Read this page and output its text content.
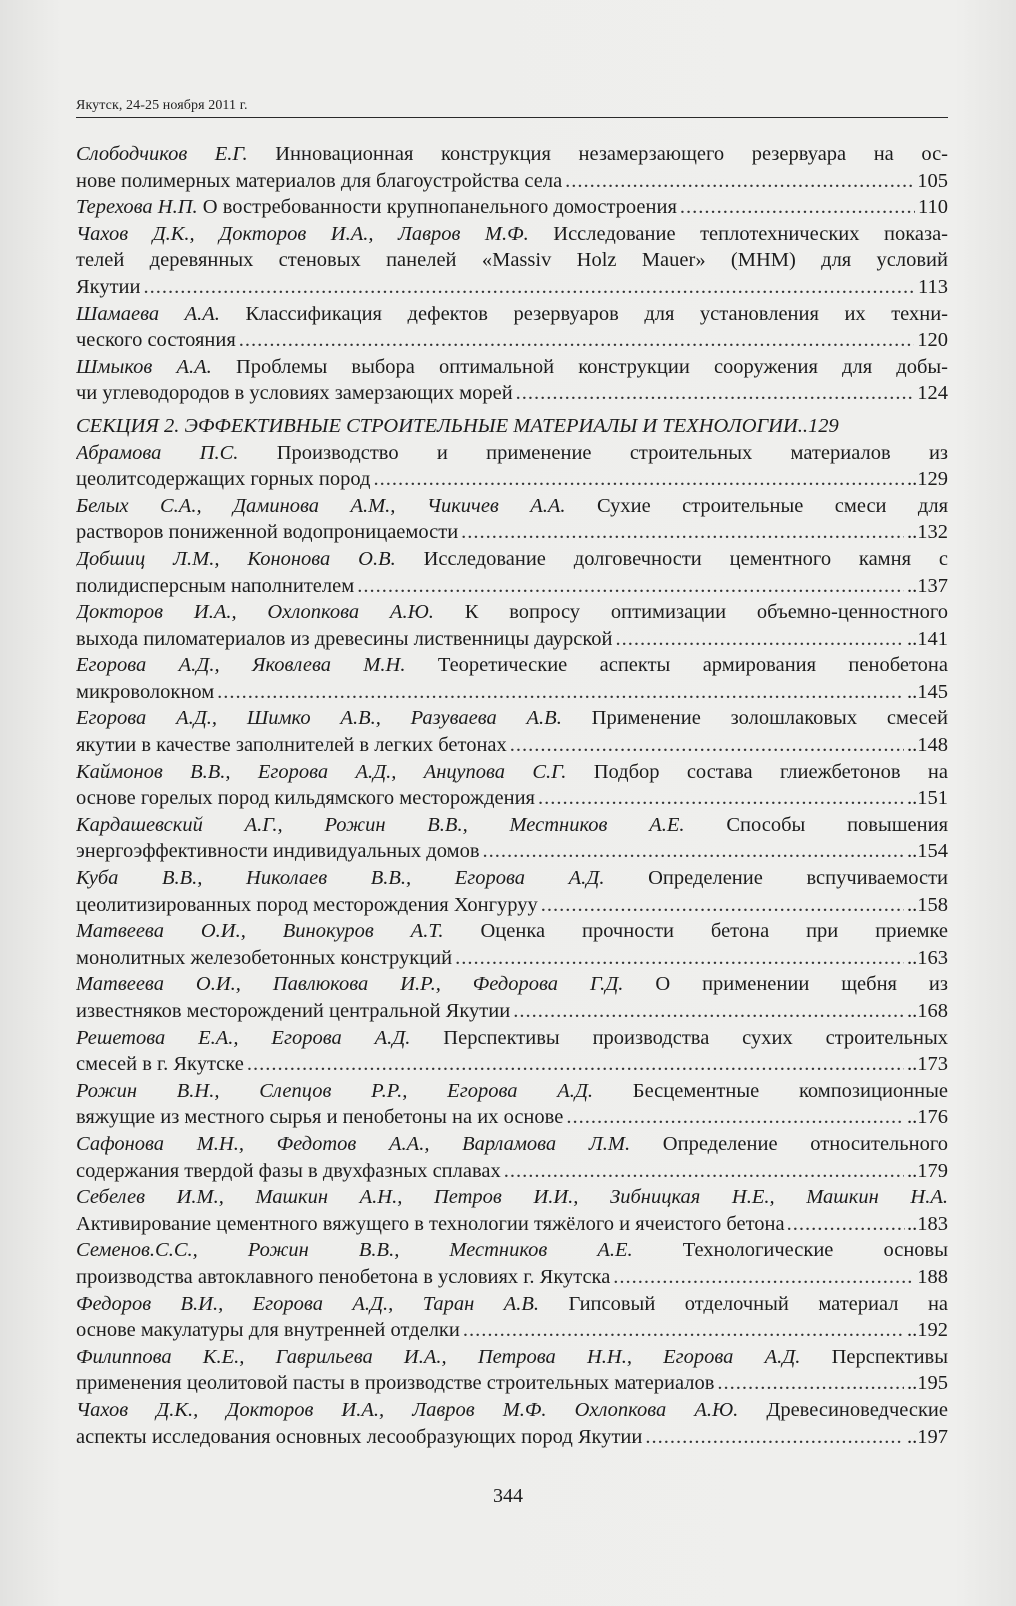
Якутск, 24-25 ноября 2011 г.
Слободчиков Е.Г. Инновационная конструкция незамерзающего резервуара на ос-
нове полимерных материалов для благоустройства села .....	105
Терехова Н.П. О востребованности крупнопанельного домостроения .....	110
Чахов Д.К., Докторов И.А., Лавров М.Ф. Исследование теплотехнических показа-
телей деревянных стеновых панелей «Massiv Holz Mauer» (МНМ) для условий
Якутии .....	113
Шамаева А.А. Классификация дефектов резервуаров для установления их техни-
ческого состояния .....	120
Шмыков А.А. Проблемы выбора оптимальной конструкции сооружения для добы-
чи углеводородов в условиях замерзающих морей .....	124
СЕКЦИЯ 2. ЭФФЕКТИВНЫЕ СТРОИТЕЛЬНЫЕ МАТЕРИАЛЫ И ТЕХНОЛОГИИ.. 129
Абрамова П.С. Производство и применение строительных материалов из
цеолитсодержащих горных пород .....	..129
Белых С.А., Даминова А.М., Чикичев А.А. Сухие строительные смеси для
растворов пониженной водопроницаемости .....	..132
Добшиц Л.М., Кононова О.В. Исследование долговечности цементного камня с
полидисперсным наполнителем .....	..137
Докторов И.А., Охлопкова А.Ю. К вопросу оптимизации объемно-ценностного
выхода пиломатериалов из древесины лиственницы даурской .....	..141
Егорова А.Д., Яковлева М.Н. Теоретические аспекты армирования пенобетона
микроволокном .....	..145
Егорова А.Д., Шимко А.В., Разуваева А.В. Применение золошлаковых смесей
якутии в качестве заполнителей в легких бетонах .....	..148
Каймонов В.В., Егорова А.Д., Анцупова С.Г. Подбор состава глиежбетонов на
основе горелых пород кильдямского месторождения .....	..151
Кардашевский А.Г., Рожин В.В., Местников А.Е. Способы повышения
энергоэффективности индивидуальных домов .....	..154
Куба В.В., Николаев В.В., Егорова А.Д. Определение вспучиваемости
цеолитизированных пород месторождения Хонгуруу .....	..158
Матвеева О.И., Винокуров А.Т. Оценка прочности бетона при приемке
монолитных железобетонных конструкций .....	..163
Матвеева О.И., Павлюкова И.Р., Федорова Г.Д. О применении щебня из
известняков месторождений центральной Якутии .....	..168
Решетова Е.А., Егорова А.Д. Перспективы производства сухих строительных
смесей в г. Якутске .....	..173
Рожин В.Н., Слепцов Р.Р., Егорова А.Д. Бесцементные композиционные
вяжущие из местного сырья и пенобетоны на их основе .....	..176
Сафонова М.Н., Федотов А.А., Варламова Л.М. Определение относительного
содержания твердой фазы в двухфазных сплавах .....	..179
Себелев И.М., Машкин А.Н., Петров И.И., Зибницкая Н.Е., Машкин Н.А.
Активирование цементного вяжущего в технологии тяжёлого и ячеистого бетона .....	..183
Семенов.С.С., Рожин В.В., Местников А.Е. Технологические основы
производства автоклавного пенобетона в условиях г. Якутска .....	188
Федоров В.И., Егорова А.Д., Таран А.В. Гипсовый отделочный материал на
основе макулатуры для внутренней отделки .....	..192
Филиппова К.Е., Гаврильева И.А., Петрова Н.Н., Егорова А.Д. Перспективы
применения цеолитовой пасты в производстве строительных материалов .....	..195
Чахов Д.К., Докторов И.А., Лавров М.Ф. Охлопкова А.Ю. Древесиноведческие
аспекты исследования основных лесообразующих пород Якутии .....	..197
344
